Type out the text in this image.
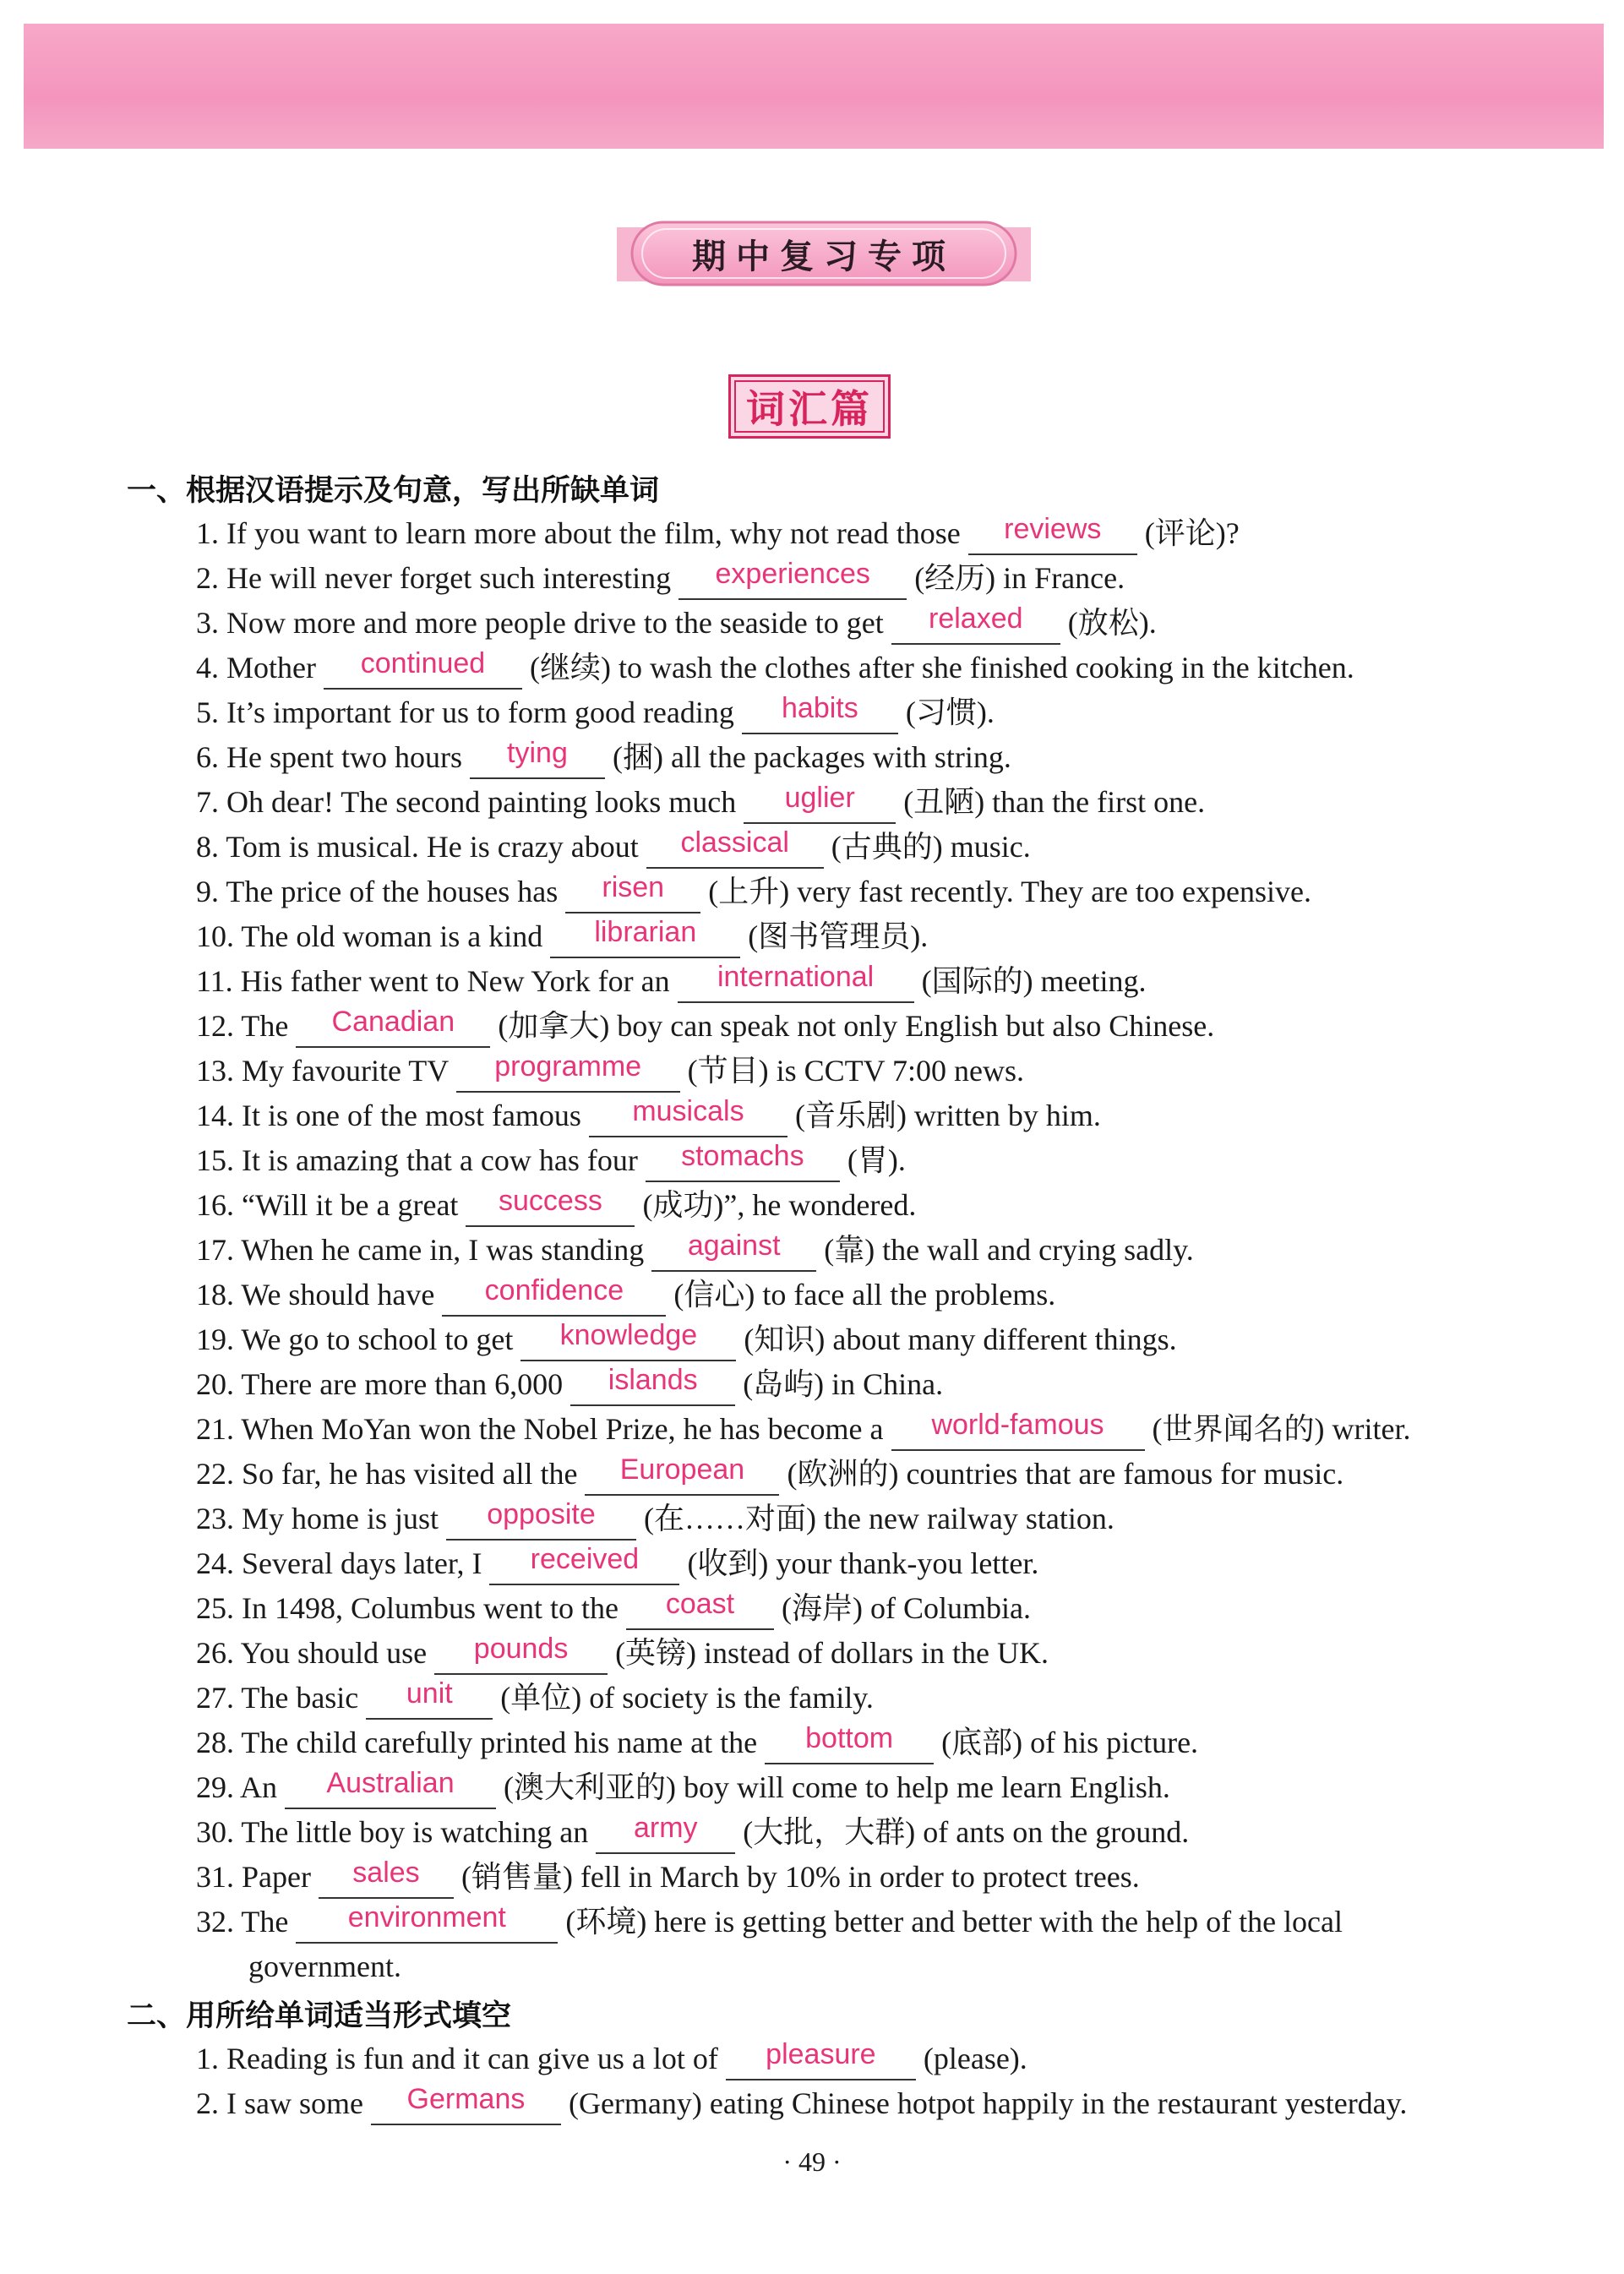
期中复习专项
词汇篇
一、根据汉语提示及句意，写出所缺单词
1. If you want to learn more about the film, why not read those reviews (评论)?
2. He will never forget such interesting experiences (经历) in France.
3. Now more and more people drive to the seaside to get relaxed (放松).
4. Mother continued (继续) to wash the clothes after she finished cooking in the kitchen.
5. It’s important for us to form good reading habits (习惯).
6. He spent two hours tying (捆) all the packages with string.
7. Oh dear! The second painting looks much uglier (丑陋) than the first one.
8. Tom is musical. He is crazy about classical (古典的) music.
9. The price of the houses has risen (上升) very fast recently. They are too expensive.
10. The old woman is a kind librarian (图书管理员).
11. His father went to New York for an international (国际的) meeting.
12. The Canadian (加拿大) boy can speak not only English but also Chinese.
13. My favourite TV programme (节目) is CCTV 7:00 news.
14. It is one of the most famous musicals (音乐剧) written by him.
15. It is amazing that a cow has four stomachs (胃).
16. “Will it be a great success (成功)”, he wondered.
17. When he came in, I was standing against (靠) the wall and crying sadly.
18. We should have confidence (信心) to face all the problems.
19. We go to school to get knowledge (知识) about many different things.
20. There are more than 6,000 islands (岛屿) in China.
21. When MoYan won the Nobel Prize, he has become a world-famous (世界闻名的) writer.
22. So far, he has visited all the European (欧洲的) countries that are famous for music.
23. My home is just opposite (在……对面) the new railway station.
24. Several days later, I received (收到) your thank-you letter.
25. In 1498, Columbus went to the coast (海岸) of Columbia.
26. You should use pounds (英镑) instead of dollars in the UK.
27. The basic unit (单位) of society is the family.
28. The child carefully printed his name at the bottom (底部) of his picture.
29. An Australian (澳大利亚的) boy will come to help me learn English.
30. The little boy is watching an army (大批，大群) of ants on the ground.
31. Paper sales (销售量) fell in March by 10% in order to protect trees.
32. The environment (环境) here is getting better and better with the help of the local
government.
二、用所给单词适当形式填空
1. Reading is fun and it can give us a lot of pleasure (please).
2. I saw some Germans (Germany) eating Chinese hotpot happily in the restaurant yesterday.
· 49 ·
